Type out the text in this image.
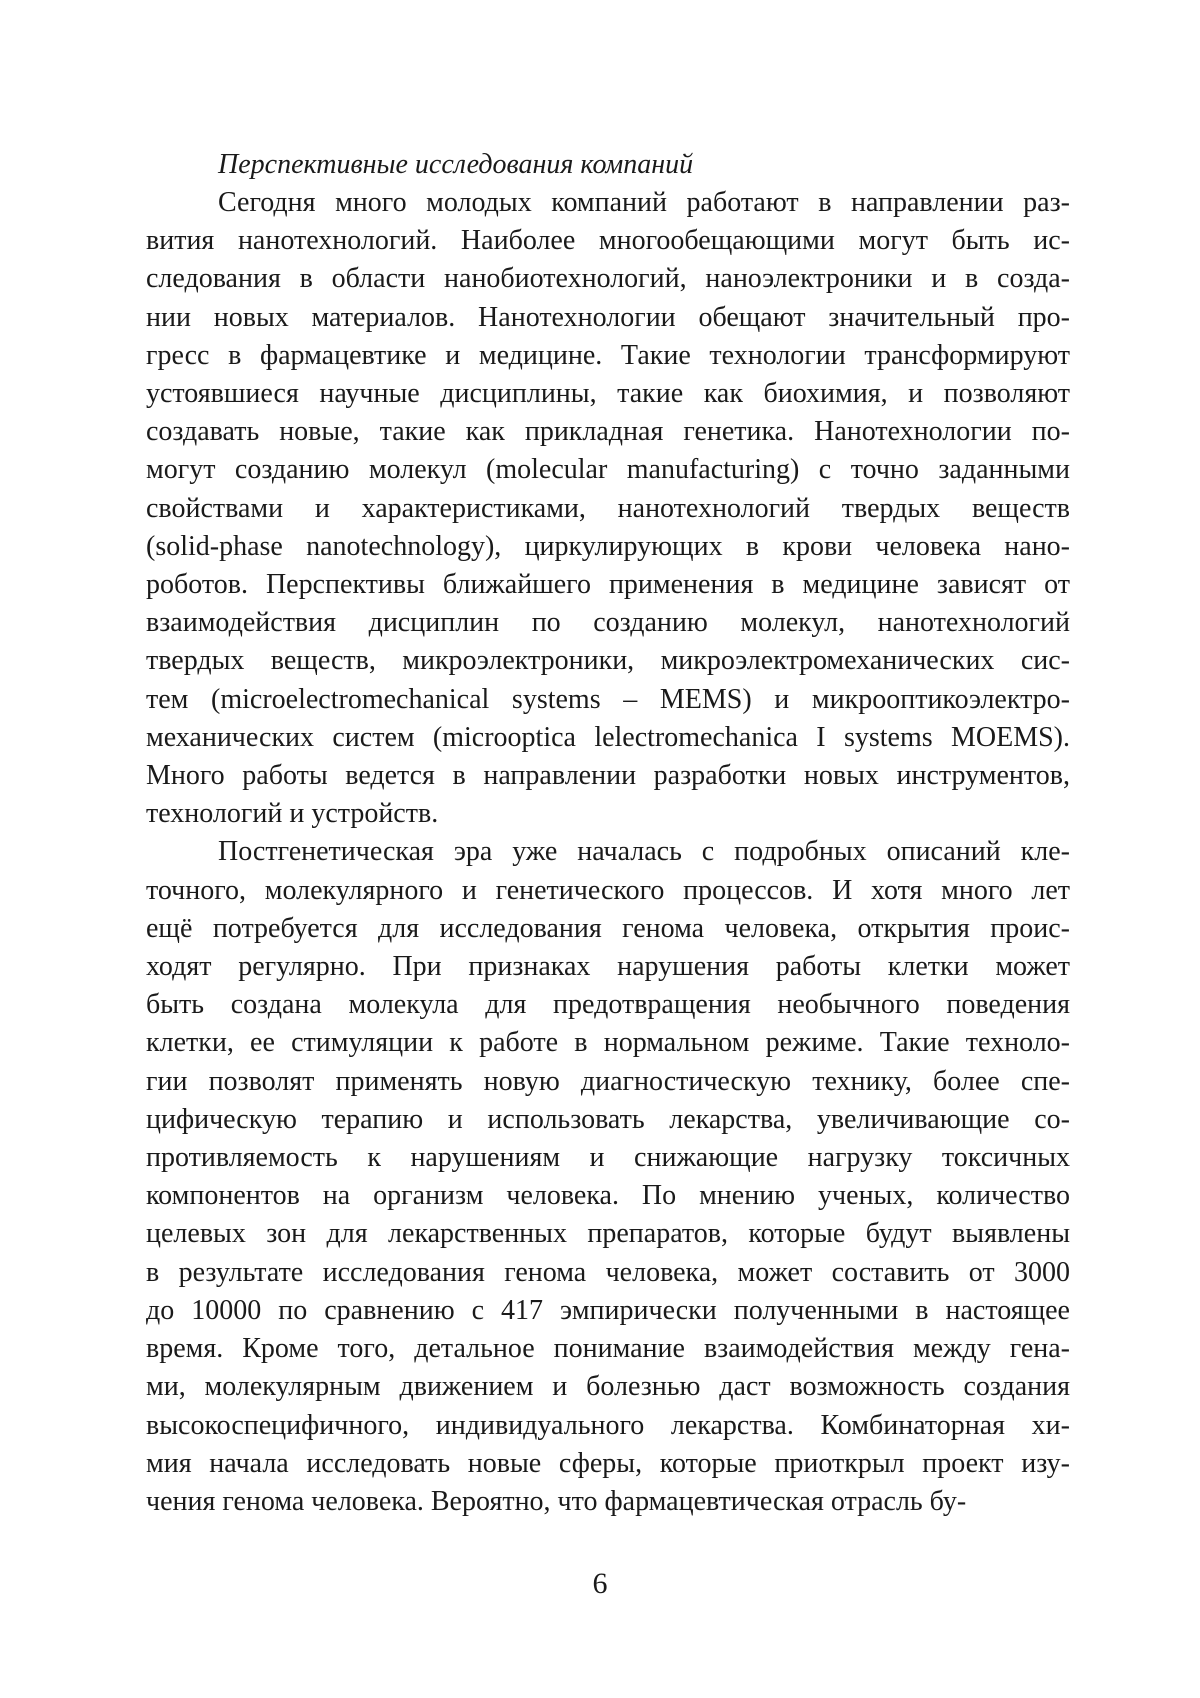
Перспективные исследования компаний

Сегодня много молодых компаний работают в направлении раз-
вития нанотехнологий. Наиболее многообещающими могут быть ис-
следования в области нанобиотехнологий, наноэлектроники и в созда-
нии новых материалов. Нанотехнологии обещают значительный про-
гресс в фармацевтике и медицине. Такие технологии трансформируют
устоявшиеся научные дисциплины, такие как биохимия, и позволяют
создавать новые, такие как прикладная генетика. Нанотехнологии по-
могут созданию молекул (molecular manufacturing) с точно заданными
свойствами и характеристиками, нанотехнологий твердых веществ
(solid-phase nanotechnology), циркулирующих в крови человека нано-
роботов. Перспективы ближайшего применения в медицине зависят от
взаимодействия дисциплин по созданию молекул, нанотехнологий
твердых веществ, микроэлектроники, микроэлектромеханических сис-
тем (microelectromechanical systems – MEMS) и микрооптикоэлектро-
механических систем (microoptica lelectromechanica I systems MOEMS).
Много работы ведется в направлении разработки новых инструментов,
технологий и устройств.

Постгенетическая эра уже началась с подробных описаний кле-
точного, молекулярного и генетического процессов. И хотя много лет
ещё потребуется для исследования генома человека, открытия проис-
ходят регулярно. При признаках нарушения работы клетки может
быть создана молекула для предотвращения необычного поведения
клетки, ее стимуляции к работе в нормальном режиме. Такие техноло-
гии позволят применять новую диагностическую технику, более спе-
цифическую терапию и использовать лекарства, увеличивающие со-
противляемость к нарушениям и снижающие нагрузку токсичных
компонентов на организм человека. По мнению ученых, количество
целевых зон для лекарственных препаратов, которые будут выявлены
в результате исследования генома человека, может составить от 3000
до 10000 по сравнению с 417 эмпирически полученными в настоящее
время. Кроме того, детальное понимание взаимодействия между гена-
ми, молекулярным движением и болезнью даст возможность создания
высокоспецифичного, индивидуального лекарства. Комбинаторная хи-
мия начала исследовать новые сферы, которые приоткрыл проект изу-
чения генома человека. Вероятно, что фармацевтическая отрасль бу-

6
